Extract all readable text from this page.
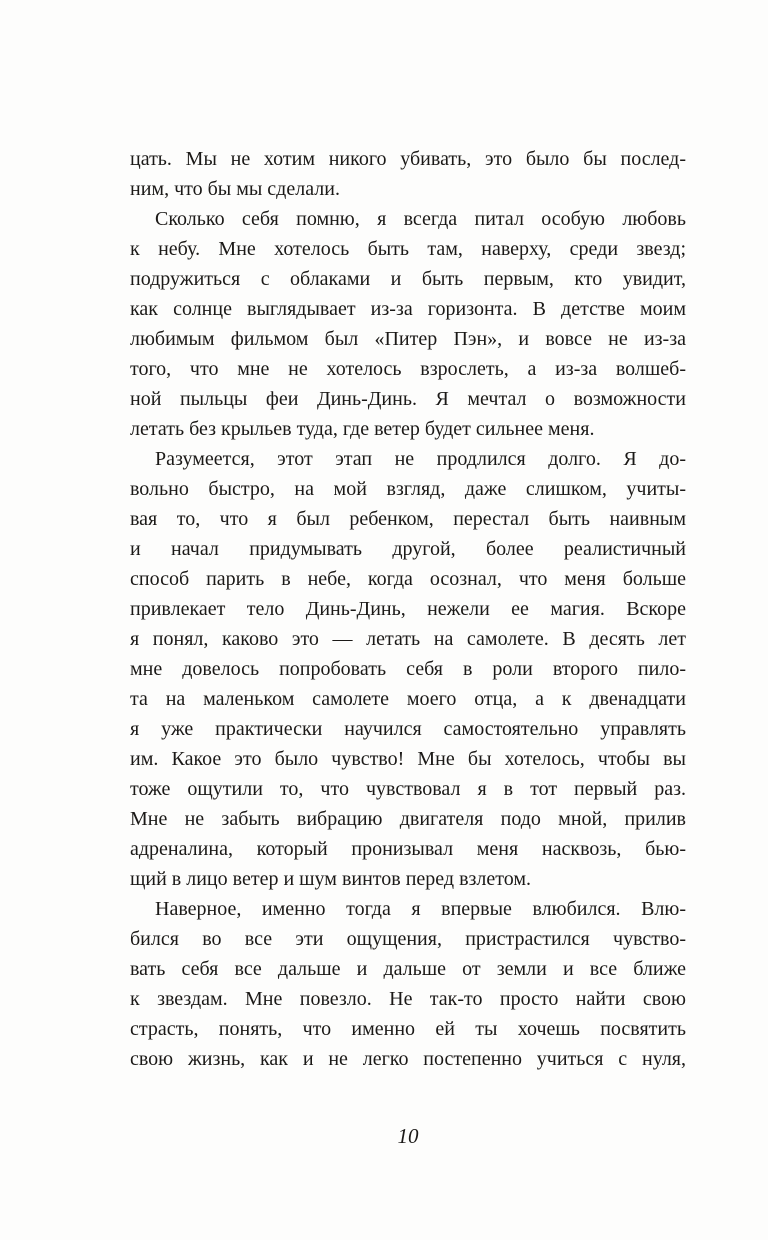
цать. Мы не хотим никого убивать, это было бы послед-
ним, что бы мы сделали.
Сколько себя помню, я всегда питал особую любовь
к небу. Мне хотелось быть там, наверху, среди звезд;
подружиться с облаками и быть первым, кто увидит,
как солнце выглядывает из-за горизонта. В детстве моим
любимым фильмом был «Питер Пэн», и вовсе не из-за
того, что мне не хотелось взрослеть, а из-за волшеб-
ной пыльцы феи Динь-Динь. Я мечтал о возможности
летать без крыльев туда, где ветер будет сильнее меня.
Разумеется, этот этап не продлился долго. Я до-
вольно быстро, на мой взгляд, даже слишком, учиты-
вая то, что я был ребенком, перестал быть наивным
и начал придумывать другой, более реалистичный
способ парить в небе, когда осознал, что меня больше
привлекает тело Динь-Динь, нежели ее магия. Вскоре
я понял, каково это — летать на самолете. В десять лет
мне довелось попробовать себя в роли второго пило-
та на маленьком самолете моего отца, а к двенадцати
я уже практически научился самостоятельно управлять
им. Какое это было чувство! Мне бы хотелось, чтобы вы
тоже ощутили то, что чувствовал я в тот первый раз.
Мне не забыть вибрацию двигателя подо мной, прилив
адреналина, который пронизывал меня насквозь, бью-
щий в лицо ветер и шум винтов перед взлетом.
Наверное, именно тогда я впервые влюбился. Влю-
бился во все эти ощущения, пристрастился чувство-
вать себя все дальше и дальше от земли и все ближе
к звездам. Мне повезло. Не так-то просто найти свою
страсть, понять, что именно ей ты хочешь посвятить
свою жизнь, как и не легко постепенно учиться с нуля,
10
